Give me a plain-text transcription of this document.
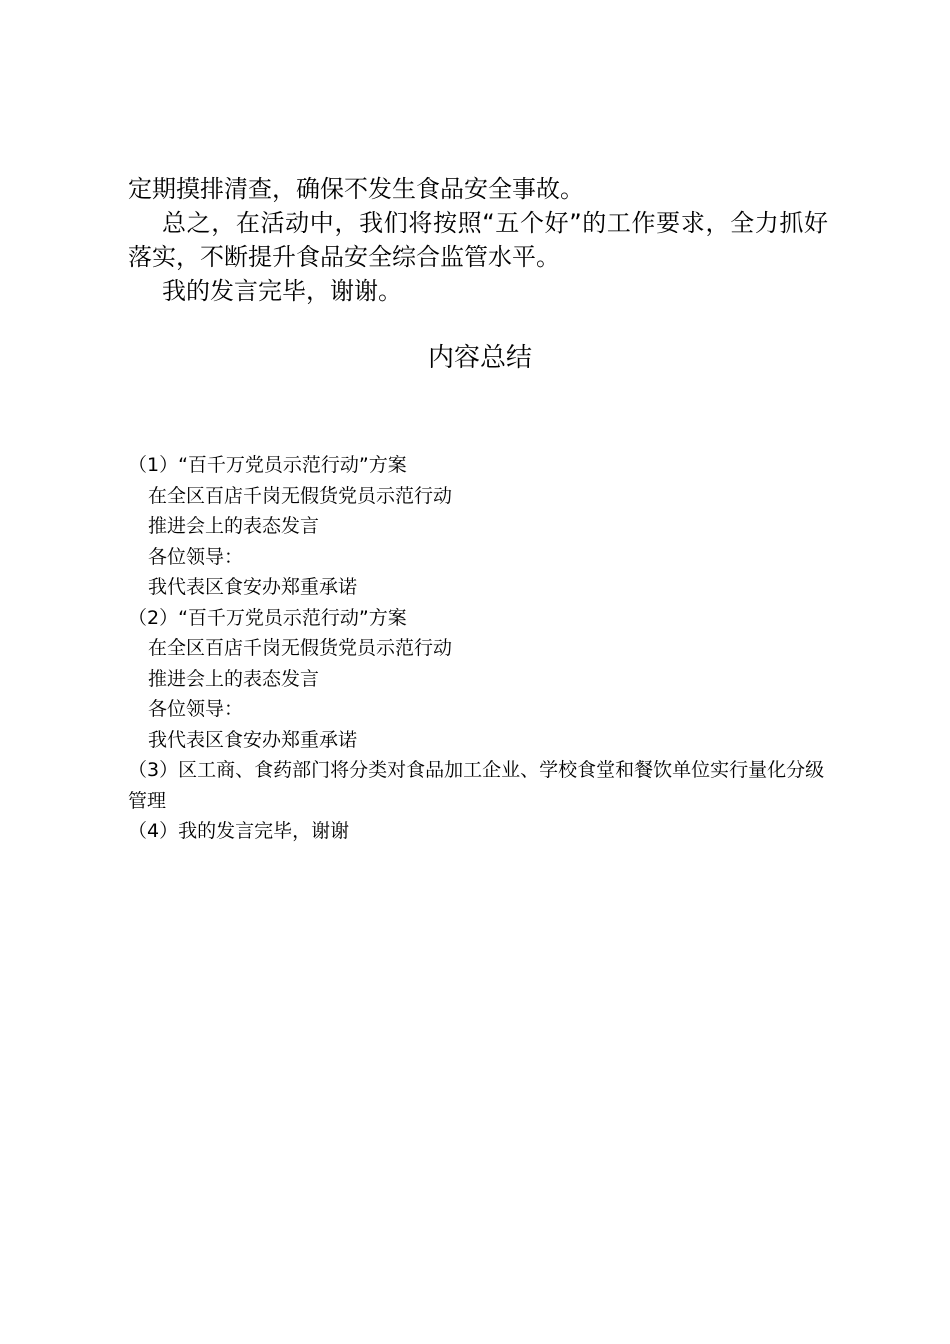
定期摸排清查，确保不发生食品安全事故。

总之，在活动中，我们将按照“五个好”的工作要求，全力抓好落实，不断提升食品安全综合监管水平。

我的发言完毕，谢谢。

内容总结
（1）“百千万党员示范行动”方案
在全区百店千岗无假货党员示范行动
推进会上的表态发言
各位领导：
我代表区食安办郑重承诺
（2）“百千万党员示范行动”方案
在全区百店千岗无假货党员示范行动
推进会上的表态发言
各位领导：
我代表区食安办郑重承诺
（3）区工商、食药部门将分类对食品加工企业、学校食堂和餐饮单位实行量化分级管理
（4）我的发言完毕，谢谢
